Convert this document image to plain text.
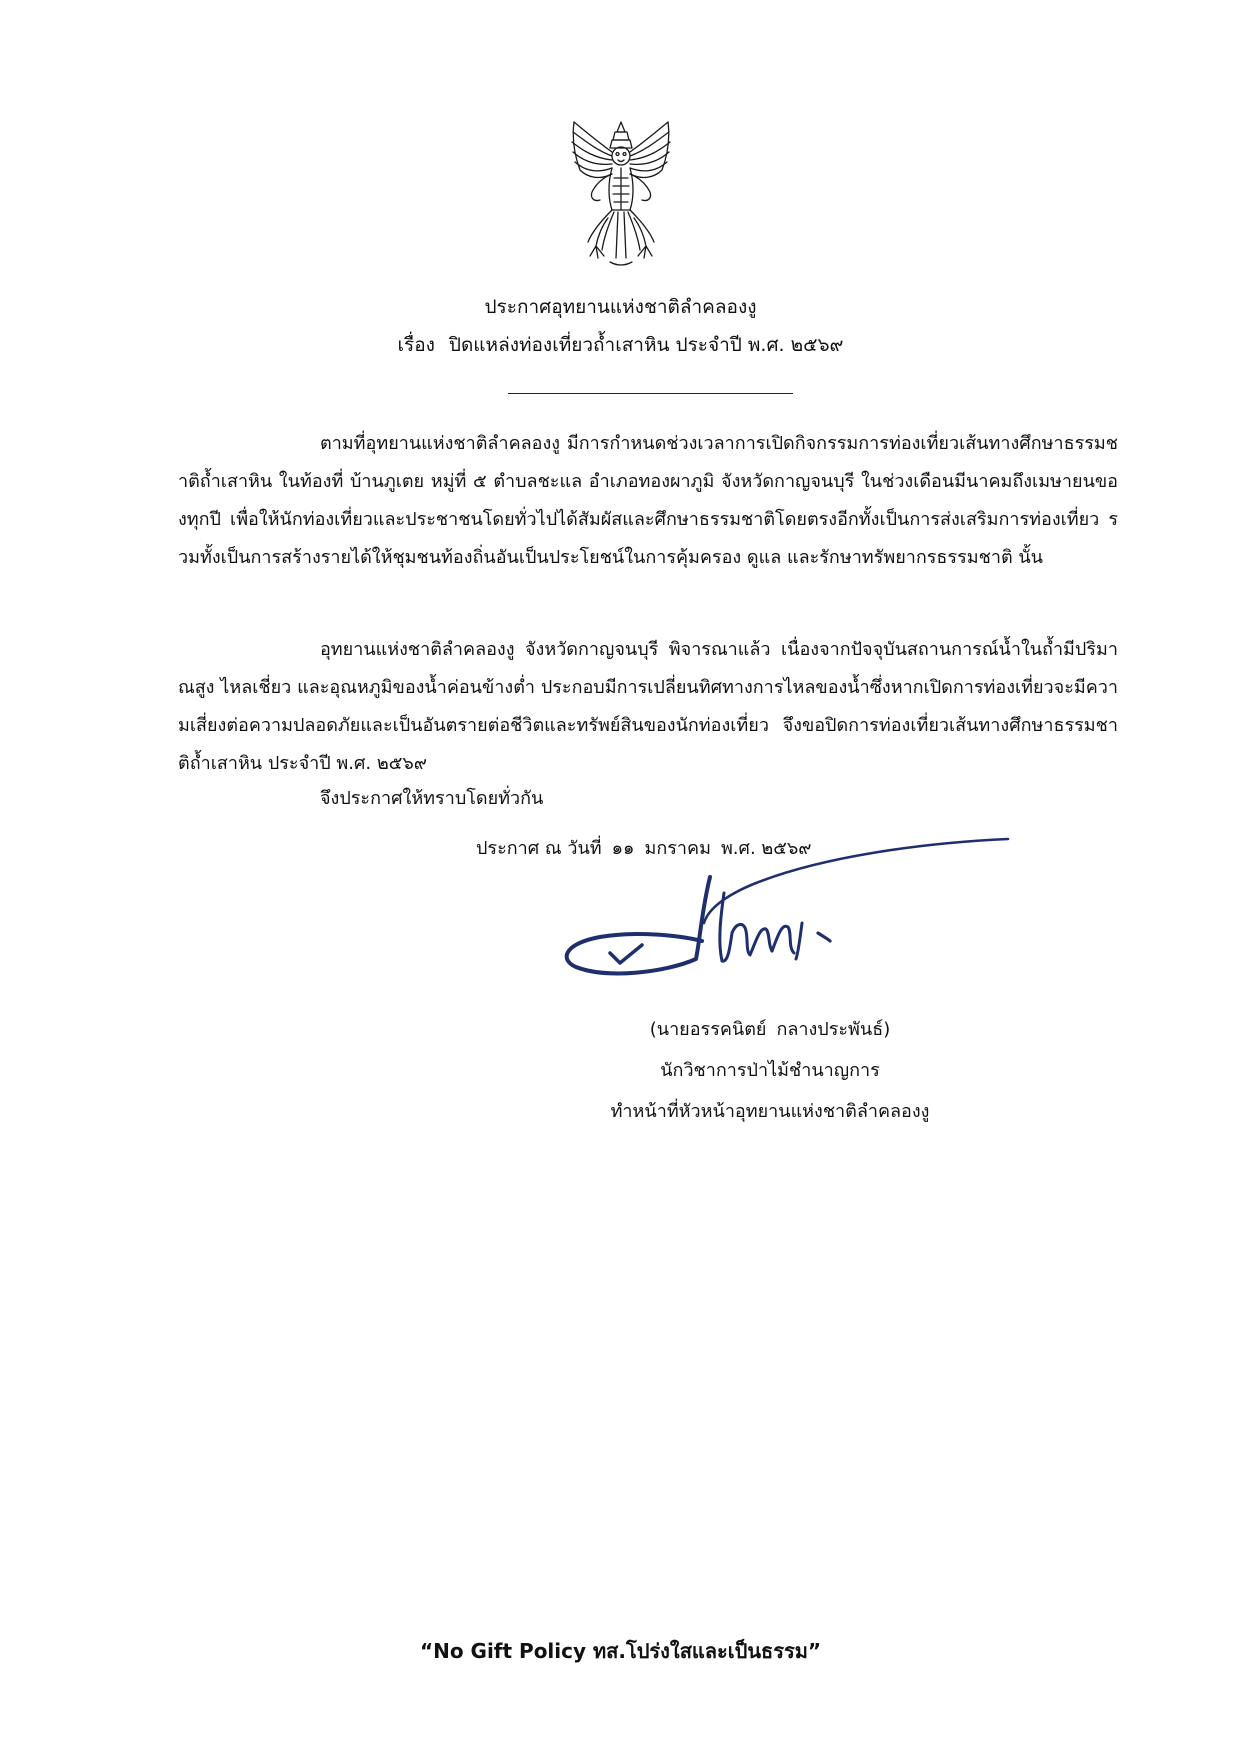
ประกาศอุทยานแห่งชาติลำคลองงู
เรื่อง ปิดแหล่งท่องเที่ยวถ้ำเสาหิน ประจำปี พ.ศ. ๒๕๖๙
ตามที่อุทยานแห่งชาติลำคลองงู มีการกำหนดช่วงเวลาการเปิดกิจกรรมการท่องเที่ยวเส้นทางศึกษาธรรมชาติถ้ำเสาหิน ในท้องที่ บ้านภูเตย หมู่ที่ ๕ ตำบลชะแล อำเภอทองผาภูมิ จังหวัดกาญจนบุรี ในช่วงเดือนมีนาคมถึงเมษายนของทุกปี เพื่อให้นักท่องเที่ยวและประชาชนโดยทั่วไปได้สัมผัสและศึกษาธรรมชาติโดยตรงอีกทั้งเป็นการส่งเสริมการท่องเที่ยว รวมทั้งเป็นการสร้างรายได้ให้ชุมชนท้องถิ่นอันเป็นประโยชน์ในการคุ้มครอง ดูแล และรักษาทรัพยากรธรรมชาติ นั้น
อุทยานแห่งชาติลำคลองงู จังหวัดกาญจนบุรี พิจารณาแล้ว เนื่องจากปัจจุบันสถานการณ์น้ำในถ้ำมีปริมาณสูง ไหลเชี่ยว และอุณหภูมิของน้ำค่อนข้างต่ำ ประกอบมีการเปลี่ยนทิศทางการไหลของน้ำซึ่งหากเปิดการท่องเที่ยวจะมีความเสี่ยงต่อความปลอดภัยและเป็นอันตรายต่อชีวิตและทรัพย์สินของนักท่องเที่ยว จึงขอปิดการท่องเที่ยวเส้นทางศึกษาธรรมชาติถ้ำเสาหิน ประจำปี พ.ศ. ๒๕๖๙
จึงประกาศให้ทราบโดยทั่วกัน
ประกาศ ณ วันที่ ๑๑ มกราคม พ.ศ. ๒๕๖๙
(นายอรรคนิตย์ กลางประพันธ์)
นักวิชาการป่าไม้ชำนาญการ
ทำหน้าที่หัวหน้าอุทยานแห่งชาติลำคลองงู
“No Gift Policy ทส.โปร่งใสและเป็นธรรม”
